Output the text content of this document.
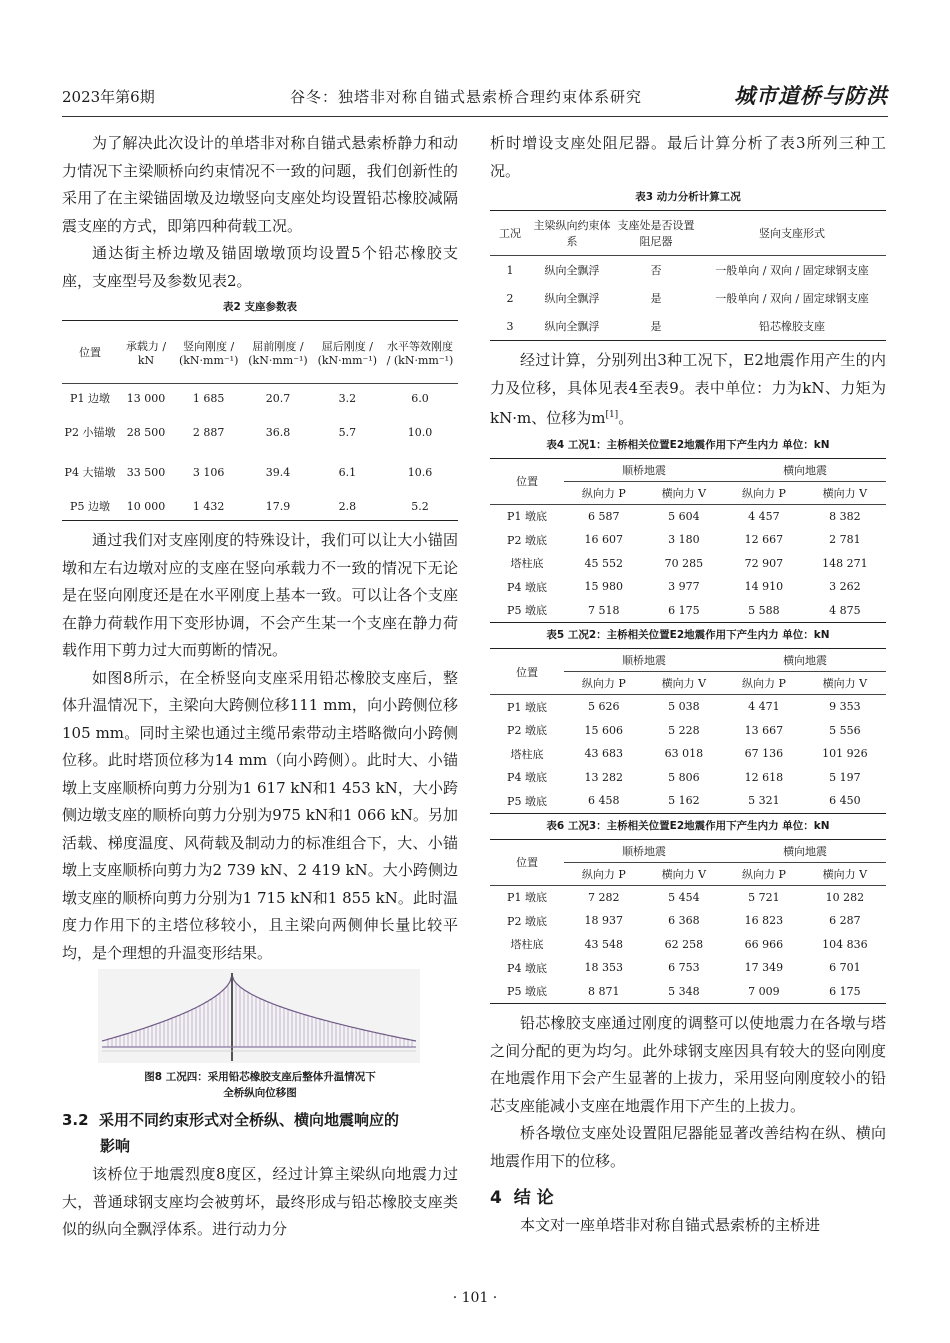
2023年第6期	谷冬：独塔非对称自锚式悬索桥合理约束体系研究	城市道桥与防洪

为了解决此次设计的单塔非对称自锚式悬索桥静力和动力情况下主梁顺桥向约束情况不一致的问题，我们创新性的采用了在主梁锚固墩及边墩竖向支座处均设置铅芯橡胶减隔震支座的方式，即第四种荷载工况。

通达街主桥边墩及锚固墩墩顶均设置5个铅芯橡胶支座，支座型号及参数见表2。

表2 支座参数表
位置	承载力 / kN	竖向刚度 / (kN·mm⁻¹)	屈前刚度 / (kN·mm⁻¹)	屈后刚度 / (kN·mm⁻¹)	水平等效刚度 / (kN·mm⁻¹)
P1 边墩	13 000	1 685	20.7	3.2	6.0
P2 小锚墩	28 500	2 887	36.8	5.7	10.0
P4 大锚墩	33 500	3 106	39.4	6.1	10.6
P5 边墩	10 000	1 432	17.9	2.8	5.2

通过我们对支座刚度的特殊设计，我们可以让大小锚固墩和左右边墩对应的支座在竖向承载力不一致的情况下无论是在竖向刚度还是在水平刚度上基本一致。可以让各个支座在静力荷载作用下变形协调，不会产生某一个支座在静力荷载作用下剪力过大而剪断的情况。

如图8所示，在全桥竖向支座采用铅芯橡胶支座后，整体升温情况下，主梁向大跨侧位移111 mm，向小跨侧位移105 mm。同时主梁也通过主缆吊索带动主塔略微向小跨侧位移。此时塔顶位移为14 mm（向小跨侧）。此时大、小锚墩上支座顺桥向剪力分别为1 617 kN和1 453 kN，大小跨侧边墩支座的顺桥向剪力分别为975 kN和1 066 kN。另加活载、梯度温度、风荷载及制动力的标准组合下，大、小锚墩上支座顺桥向剪力为2 739 kN、2 419 kN。大小跨侧边墩支座的顺桥向剪力分别为1 715 kN和1 855 kN。此时温度力作用下的主塔位移较小，且主梁向两侧伸长量比较平均，是个理想的升温变形结果。

图8 工况四：采用铅芯橡胶支座后整体升温情况下
全桥纵向位移图
3.2 采用不同约束形式对全桥纵、横向地震响应的
影响

该桥位于地震烈度8度区，经过计算主梁纵向地震力过大，普通球钢支座均会被剪坏，最终形成与铅芯橡胶支座类似的纵向全飘浮体系。进行动力分

析时增设支座处阻尼器。最后计算分析了表3所列三种工况。

表3 动力分析计算工况
工况	主梁纵向约束体系	支座处是否设置阻尼器	竖向支座形式
1	纵向全飘浮	否	一般单向 / 双向 / 固定球钢支座
2	纵向全飘浮	是	一般单向 / 双向 / 固定球钢支座
3	纵向全飘浮	是	铅芯橡胶支座

经过计算，分别列出3种工况下，E2地震作用产生的内力及位移，具体见表4至表9。表中单位：力为kN、力矩为kN·m、位移为m[1]。

表4 工况1：主桥相关位置E2地震作用下产生内力 单位：kN
位置	顺桥地震		横向地震	
	纵向力 P	横向力 V	纵向力 P	横向力 V
P1 墩底	6 587	5 604	4 457	8 382
P2 墩底	16 607	3 180	12 667	2 781
塔柱底	45 552	70 285	72 907	148 271
P4 墩底	15 980	3 977	14 910	3 262
P5 墩底	7 518	6 175	5 588	4 875
表5 工况2：主桥相关位置E2地震作用下产生内力 单位：kN
位置	顺桥地震		横向地震	
	纵向力 P	横向力 V	纵向力 P	横向力 V
P1 墩底	5 626	5 038	4 471	9 353
P2 墩底	15 606	5 228	13 667	5 556
塔柱底	43 683	63 018	67 136	101 926
P4 墩底	13 282	5 806	12 618	5 197
P5 墩底	6 458	5 162	5 321	6 450
表6 工况3：主桥相关位置E2地震作用下产生内力 单位：kN
位置	顺桥地震		横向地震	
	纵向力 P	横向力 V	纵向力 P	横向力 V
P1 墩底	7 282	5 454	5 721	10 282
P2 墩底	18 937	6 368	16 823	6 287
塔柱底	43 548	62 258	66 966	104 836
P4 墩底	18 353	6 753	17 349	6 701
P5 墩底	8 871	5 348	7 009	6 175

铅芯橡胶支座通过刚度的调整可以使地震力在各墩与塔之间分配的更为均匀。此外球钢支座因具有较大的竖向刚度在地震作用下会产生显著的上拔力，采用竖向刚度较小的铅芯支座能减小支座在地震作用下产生的上拔力。

桥各墩位支座处设置阻尼器能显著改善结构在纵、横向地震作用下的位移。

4 结 论

本文对一座单塔非对称自锚式悬索桥的主桥进

· 101 ·
